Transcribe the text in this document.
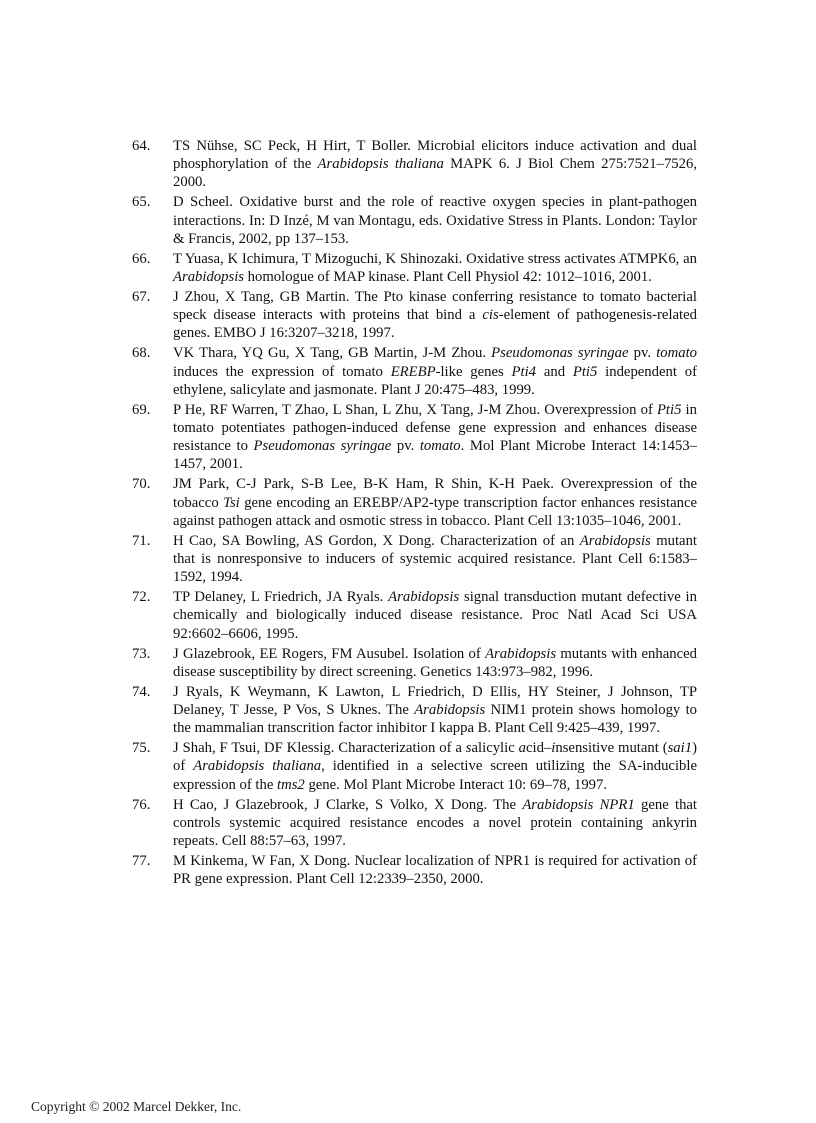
64. TS Nühse, SC Peck, H Hirt, T Boller. Microbial elicitors induce activation and dual phosphorylation of the Arabidopsis thaliana MAPK 6. J Biol Chem 275:7521–7526, 2000.
65. D Scheel. Oxidative burst and the role of reactive oxygen species in plant-pathogen interactions. In: D Inzé, M van Montagu, eds. Oxidative Stress in Plants. London: Taylor & Francis, 2002, pp 137–153.
66. T Yuasa, K Ichimura, T Mizoguchi, K Shinozaki. Oxidative stress activates ATMPK6, an Arabidopsis homologue of MAP kinase. Plant Cell Physiol 42: 1012–1016, 2001.
67. J Zhou, X Tang, GB Martin. The Pto kinase conferring resistance to tomato bacterial speck disease interacts with proteins that bind a cis-element of pathogenesis-related genes. EMBO J 16:3207–3218, 1997.
68. VK Thara, YQ Gu, X Tang, GB Martin, J-M Zhou. Pseudomonas syringae pv. tomato induces the expression of tomato EREBP-like genes Pti4 and Pti5 independent of ethylene, salicylate and jasmonate. Plant J 20:475–483, 1999.
69. P He, RF Warren, T Zhao, L Shan, L Zhu, X Tang, J-M Zhou. Overexpression of Pti5 in tomato potentiates pathogen-induced defense gene expression and enhances disease resistance to Pseudomonas syringae pv. tomato. Mol Plant Microbe Interact 14:1453–1457, 2001.
70. JM Park, C-J Park, S-B Lee, B-K Ham, R Shin, K-H Paek. Overexpression of the tobacco Tsi gene encoding an EREBP/AP2-type transcription factor enhances resistance against pathogen attack and osmotic stress in tobacco. Plant Cell 13:1035–1046, 2001.
71. H Cao, SA Bowling, AS Gordon, X Dong. Characterization of an Arabidopsis mutant that is nonresponsive to inducers of systemic acquired resistance. Plant Cell 6:1583–1592, 1994.
72. TP Delaney, L Friedrich, JA Ryals. Arabidopsis signal transduction mutant defective in chemically and biologically induced disease resistance. Proc Natl Acad Sci USA 92:6602–6606, 1995.
73. J Glazebrook, EE Rogers, FM Ausubel. Isolation of Arabidopsis mutants with enhanced disease susceptibility by direct screening. Genetics 143:973–982, 1996.
74. J Ryals, K Weymann, K Lawton, L Friedrich, D Ellis, HY Steiner, J Johnson, TP Delaney, T Jesse, P Vos, S Uknes. The Arabidopsis NIM1 protein shows homology to the mammalian transcrition factor inhibitor I kappa B. Plant Cell 9:425–439, 1997.
75. J Shah, F Tsui, DF Klessig. Characterization of a salicylic acid–insensitive mutant (sai1) of Arabidopsis thaliana, identified in a selective screen utilizing the SA-inducible expression of the tms2 gene. Mol Plant Microbe Interact 10: 69–78, 1997.
76. H Cao, J Glazebrook, J Clarke, S Volko, X Dong. The Arabidopsis NPR1 gene that controls systemic acquired resistance encodes a novel protein containing ankyrin repeats. Cell 88:57–63, 1997.
77. M Kinkema, W Fan, X Dong. Nuclear localization of NPR1 is required for activation of PR gene expression. Plant Cell 12:2339–2350, 2000.
Copyright © 2002 Marcel Dekker, Inc.
